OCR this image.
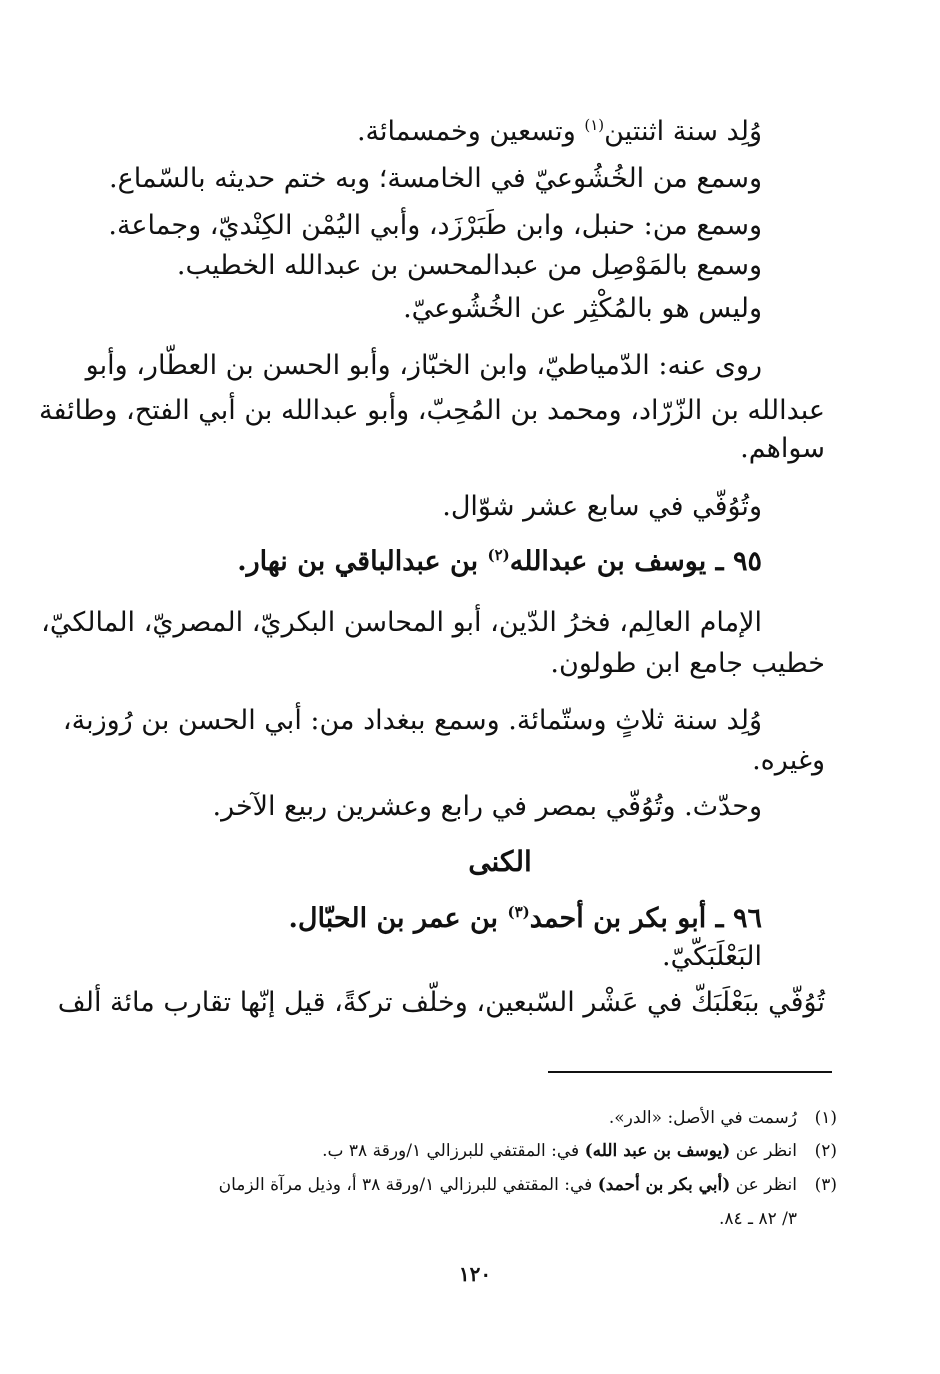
وُلِد سنة اثنتين$^{(١)}$ وتسعين وخمسمائة.
وسمع من الخُشُوعيّ في الخامسة؛ وبه ختم حديثه بالسّماع.
وسمع من: حنبل، وابن طَبَرْزَد، وأبي اليُمْن الكِنْديّ، وجماعة.
وسمع بالمَوْصِل من عبدالمحسن بن عبدالله الخطيب.
وليس هو بالمُكْثِر عن الخُشُوعيّ.
روى عنه: الدّمياطيّ، وابن الخبّاز، وأبو الحسن بن العطّار، وأبو
عبدالله بن الزّرّاد، ومحمد بن المُحِبّ، وأبو عبدالله بن أبي الفتح، وطائفة
سواهم.
وتُوُفّي في سابع عشر شوّال.
٩٥ ـ يوسف بن عبدالله$^{(٢)}$ بن عبدالباقي بن نهار.
الإمام العالِم، فخرُ الدّين، أبو المحاسن البكريّ، المصريّ، المالكيّ،
خطيب جامع ابن طولون.
وُلِد سنة ثلاثٍ وستّمائة. وسمع ببغداد من: أبي الحسن بن رُوزبة،
وغيره.
وحدّث. وتُوُفّي بمصر في رابع وعشرين ربيع الآخر.
الكنى
٩٦ ـ أبو بكر بن أحمد$^{(٣)}$ بن عمر بن الحبّال.
البَعْلَبَكّيّ.
تُوُفّي ببَعْلَبَكّ في عَشْر السّبعين، وخلّف تركةً، قيل إنّها تقارب مائة ألف
(١)رُسمت في الأصل: «الدر».
(٢)انظر عن (يوسف بن عبد الله) في: المقتفي للبرزالي ١/ورقة ٣٨ ب.
(٣)انظر عن (أبي بكر بن أحمد) في: المقتفي للبرزالي ١/ورقة ٣٨ أ، وذيل مرآة الزمان
٣/ ٨٢ ـ ٨٤.
١٢٠
